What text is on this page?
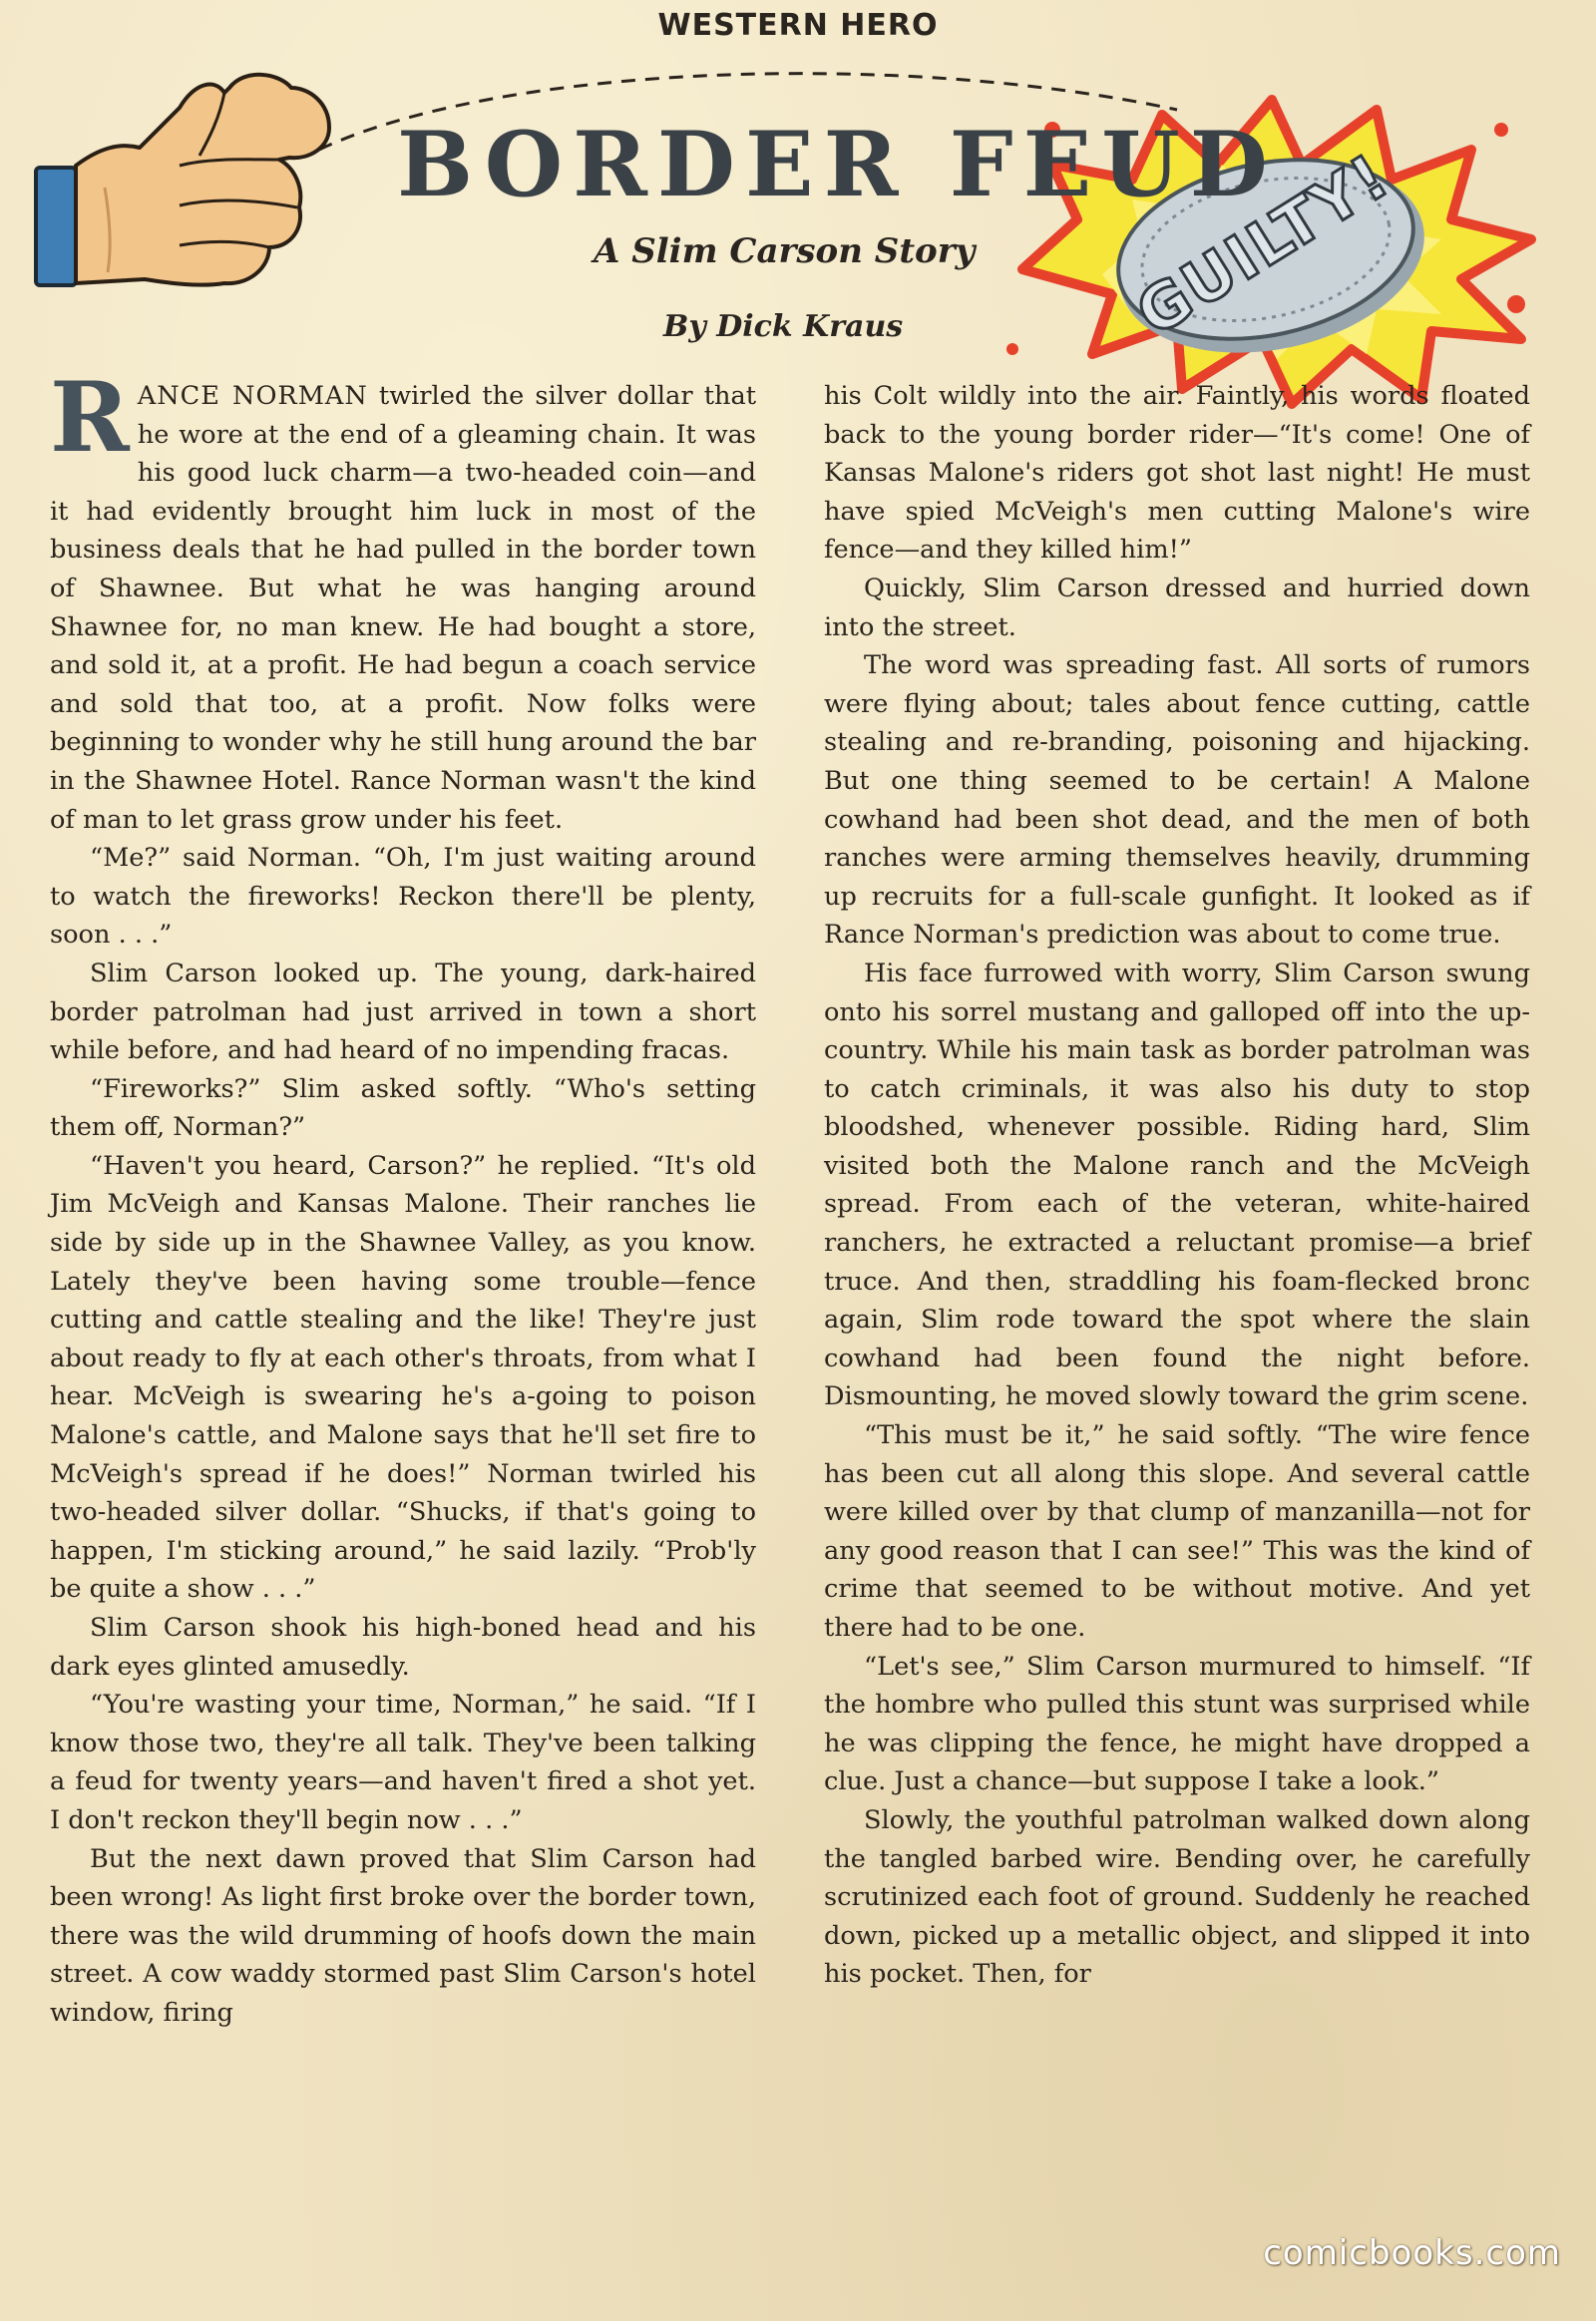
WESTERN HERO
GUILTY!
BORDER FEUD
A Slim Carson Story
By Dick Kraus

RANCE NORMAN twirled the silver dollar that he wore at the end of a gleaming chain. It was his good luck charm—a two-headed coin—and it had evidently brought him luck in most of the business deals that he had pulled in the border town of Shawnee. But what he was hanging around Shawnee for, no man knew. He had bought a store, and sold it, at a profit. He had begun a coach service and sold that too, at a profit. Now folks were beginning to wonder why he still hung around the bar in the Shawnee Hotel. Rance Norman wasn't the kind of man to let grass grow under his feet.

“Me?” said Norman. “Oh, I'm just waiting around to watch the fireworks! Reckon there'll be plenty, soon . . .”

Slim Carson looked up. The young, dark-haired border patrolman had just arrived in town a short while before, and had heard of no impending fracas.

“Fireworks?” Slim asked softly. “Who's setting them off, Norman?”

“Haven't you heard, Carson?” he replied. “It's old Jim McVeigh and Kansas Malone. Their ranches lie side by side up in the Shawnee Valley, as you know. Lately they've been having some trouble—fence cutting and cattle stealing and the like! They're just about ready to fly at each other's throats, from what I hear. McVeigh is swearing he's a-going to poison Malone's cattle, and Malone says that he'll set fire to McVeigh's spread if he does!” Norman twirled his two-headed silver dollar. “Shucks, if that's going to happen, I'm sticking around,” he said lazily. “Prob'ly be quite a show . . .”

Slim Carson shook his high-boned head and his dark eyes glinted amusedly.

“You're wasting your time, Norman,” he said. “If I know those two, they're all talk. They've been talking a feud for twenty years—and haven't fired a shot yet. I don't reckon they'll begin now . . .”

But the next dawn proved that Slim Carson had been wrong! As light first broke over the border town, there was the wild drumming of hoofs down the main street. A cow waddy stormed past Slim Carson's hotel window, firing

his Colt wildly into the air. Faintly, his words floated back to the young border rider—“It's come! One of Kansas Malone's riders got shot last night! He must have spied McVeigh's men cutting Malone's wire fence—and they killed him!”

Quickly, Slim Carson dressed and hurried down into the street.

The word was spreading fast. All sorts of rumors were flying about; tales about fence cutting, cattle stealing and re-branding, poisoning and hijacking. But one thing seemed to be certain! A Malone cowhand had been shot dead, and the men of both ranches were arming themselves heavily, drumming up recruits for a full-scale gunfight. It looked as if Rance Norman's prediction was about to come true.

His face furrowed with worry, Slim Carson swung onto his sorrel mustang and galloped off into the up-country. While his main task as border patrolman was to catch criminals, it was also his duty to stop bloodshed, whenever possible. Riding hard, Slim visited both the Malone ranch and the McVeigh spread. From each of the veteran, white-haired ranchers, he extracted a reluctant promise—a brief truce. And then, straddling his foam-flecked bronc again, Slim rode toward the spot where the slain cowhand had been found the night before. Dismounting, he moved slowly toward the grim scene.

“This must be it,” he said softly. “The wire fence has been cut all along this slope. And several cattle were killed over by that clump of manzanilla—not for any good reason that I can see!” This was the kind of crime that seemed to be without motive. And yet there had to be one.

“Let's see,” Slim Carson murmured to himself. “If the hombre who pulled this stunt was surprised while he was clipping the fence, he might have dropped a clue. Just a chance—but suppose I take a look.”

Slowly, the youthful patrolman walked down along the tangled barbed wire. Bending over, he carefully scrutinized each foot of ground. Suddenly he reached down, picked up a metallic object, and slipped it into his pocket. Then, for

comicbooks.com
